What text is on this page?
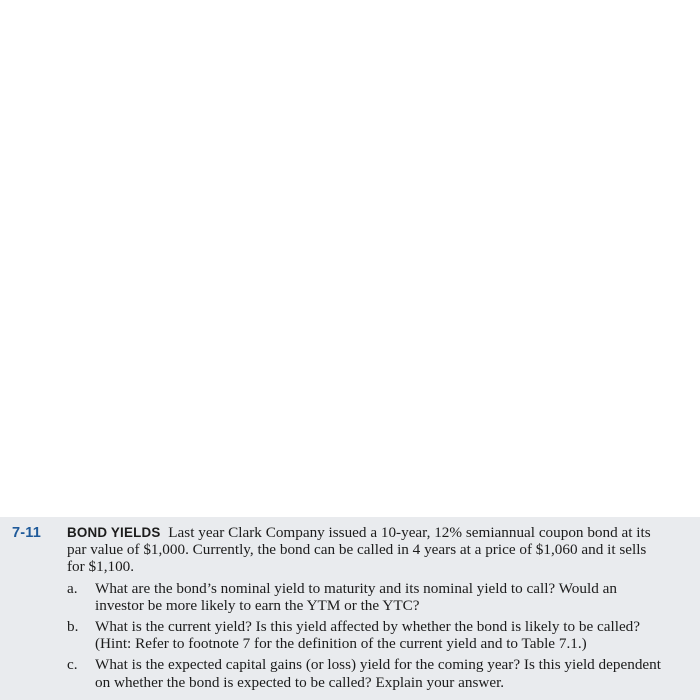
7-11 BOND YIELDS Last year Clark Company issued a 10-year, 12% semiannual coupon bond at its par value of $1,000. Currently, the bond can be called in 4 years at a price of $1,060 and it sells for $1,100.

a.	What are the bond’s nominal yield to maturity and its nominal yield to call? Would an investor be more likely to earn the YTM or the YTC?
b.	What is the current yield? Is this yield affected by whether the bond is likely to be called? (Hint: Refer to footnote 7 for the definition of the current yield and to Table 7.1.)
c.	What is the expected capital gains (or loss) yield for the coming year? Is this yield dependent on whether the bond is expected to be called? Explain your answer.
